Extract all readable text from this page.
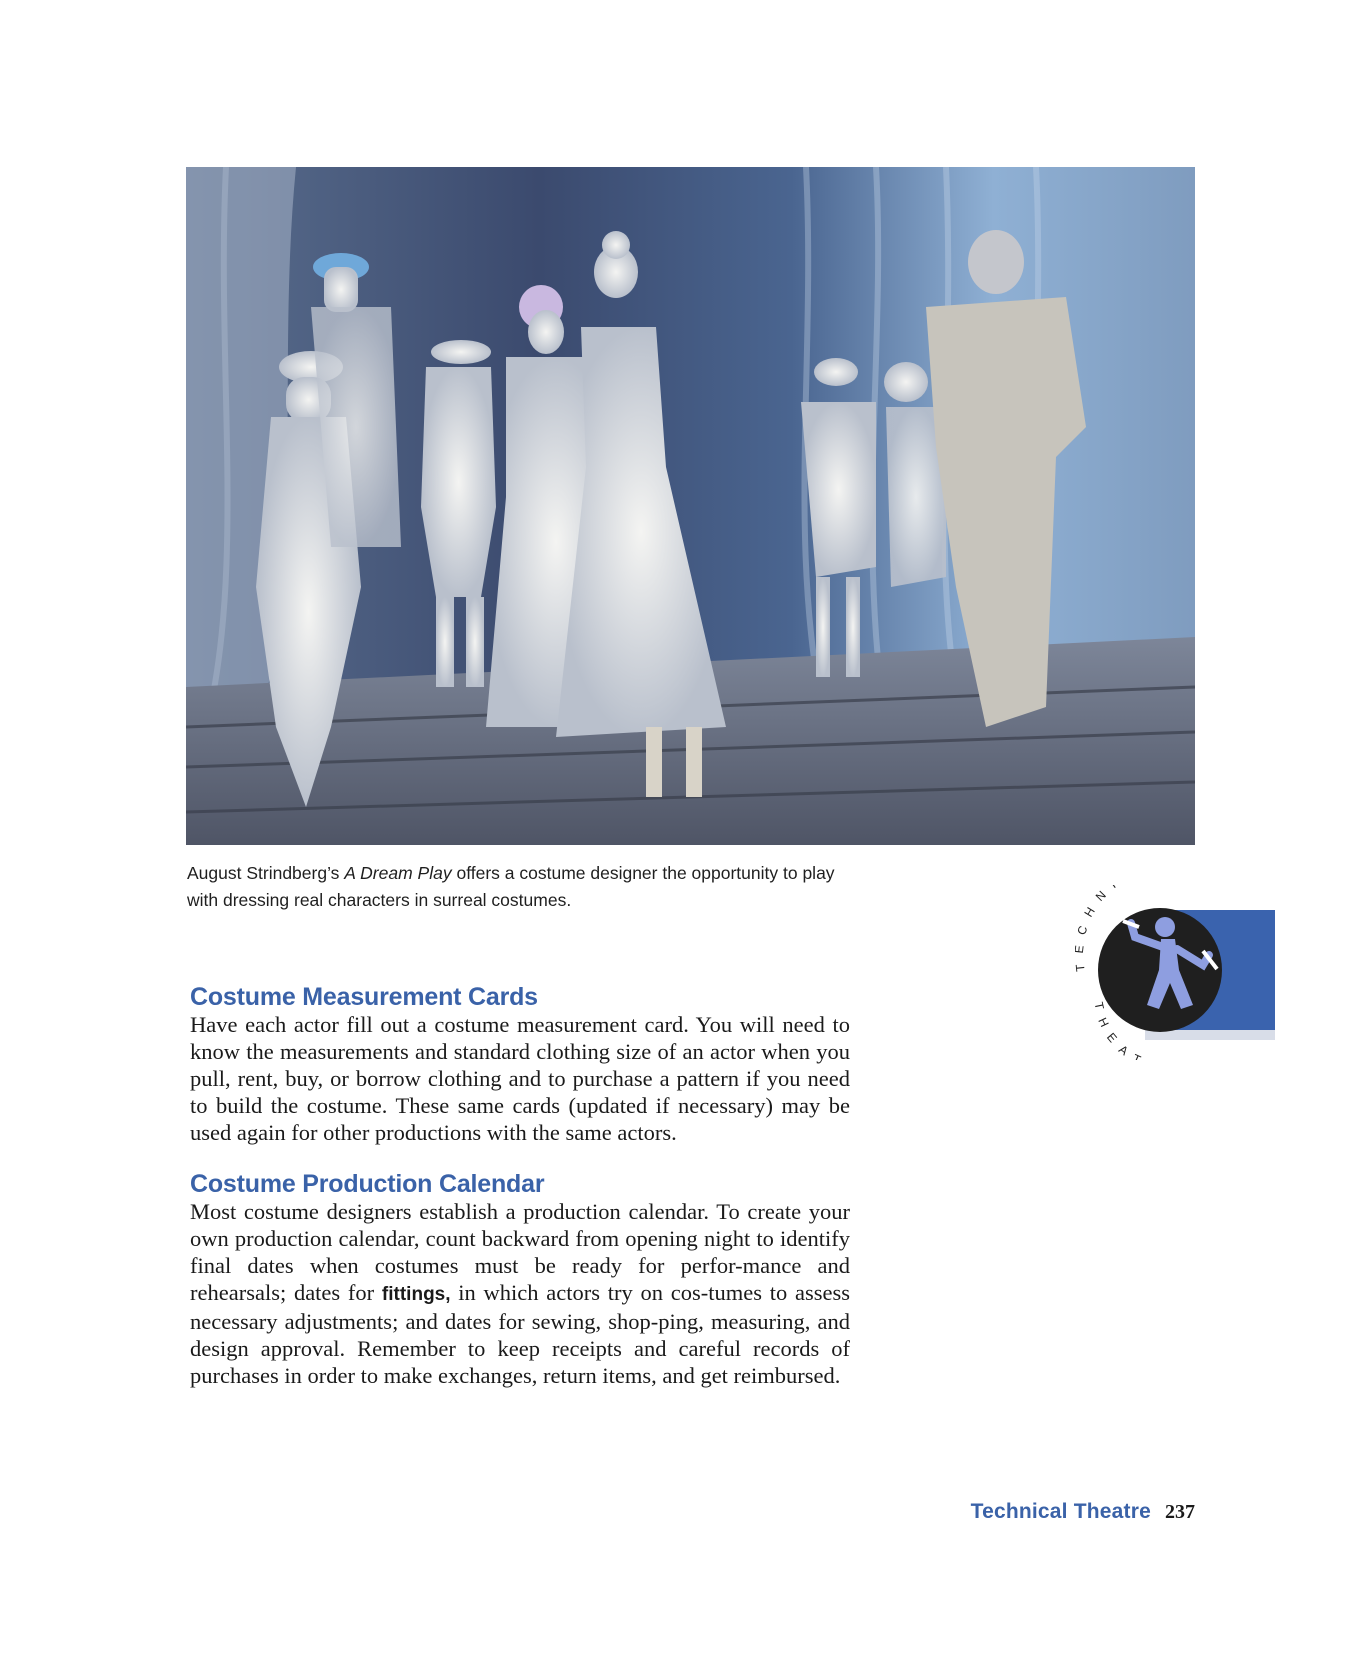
August Strindberg’s A Dream Play offers a costume designer the opportunity to play with dressing real characters in surreal costumes.
CHN
THEA
Costume Measurement Cards

Have each actor fill out a costume measurement card. You will need to know the measurements and standard clothing size of an actor when you pull, rent, buy, or borrow clothing and to purchase a pattern if you need to build the costume. These same cards (updated if necessary) may be used again for other productions with the same actors.

Costume Production Calendar

Most costume designers establish a production calendar. To create your own production calendar, count backward from opening night to identify final dates when costumes must be ready for perfor-mance and rehearsals; dates for fittings, in which actors try on cos-tumes to assess necessary adjustments; and dates for sewing, shop-ping, measuring, and design approval. Remember to keep receipts and careful records of purchases in order to make exchanges, return items, and get reimbursed.

Technical Theatre 237
